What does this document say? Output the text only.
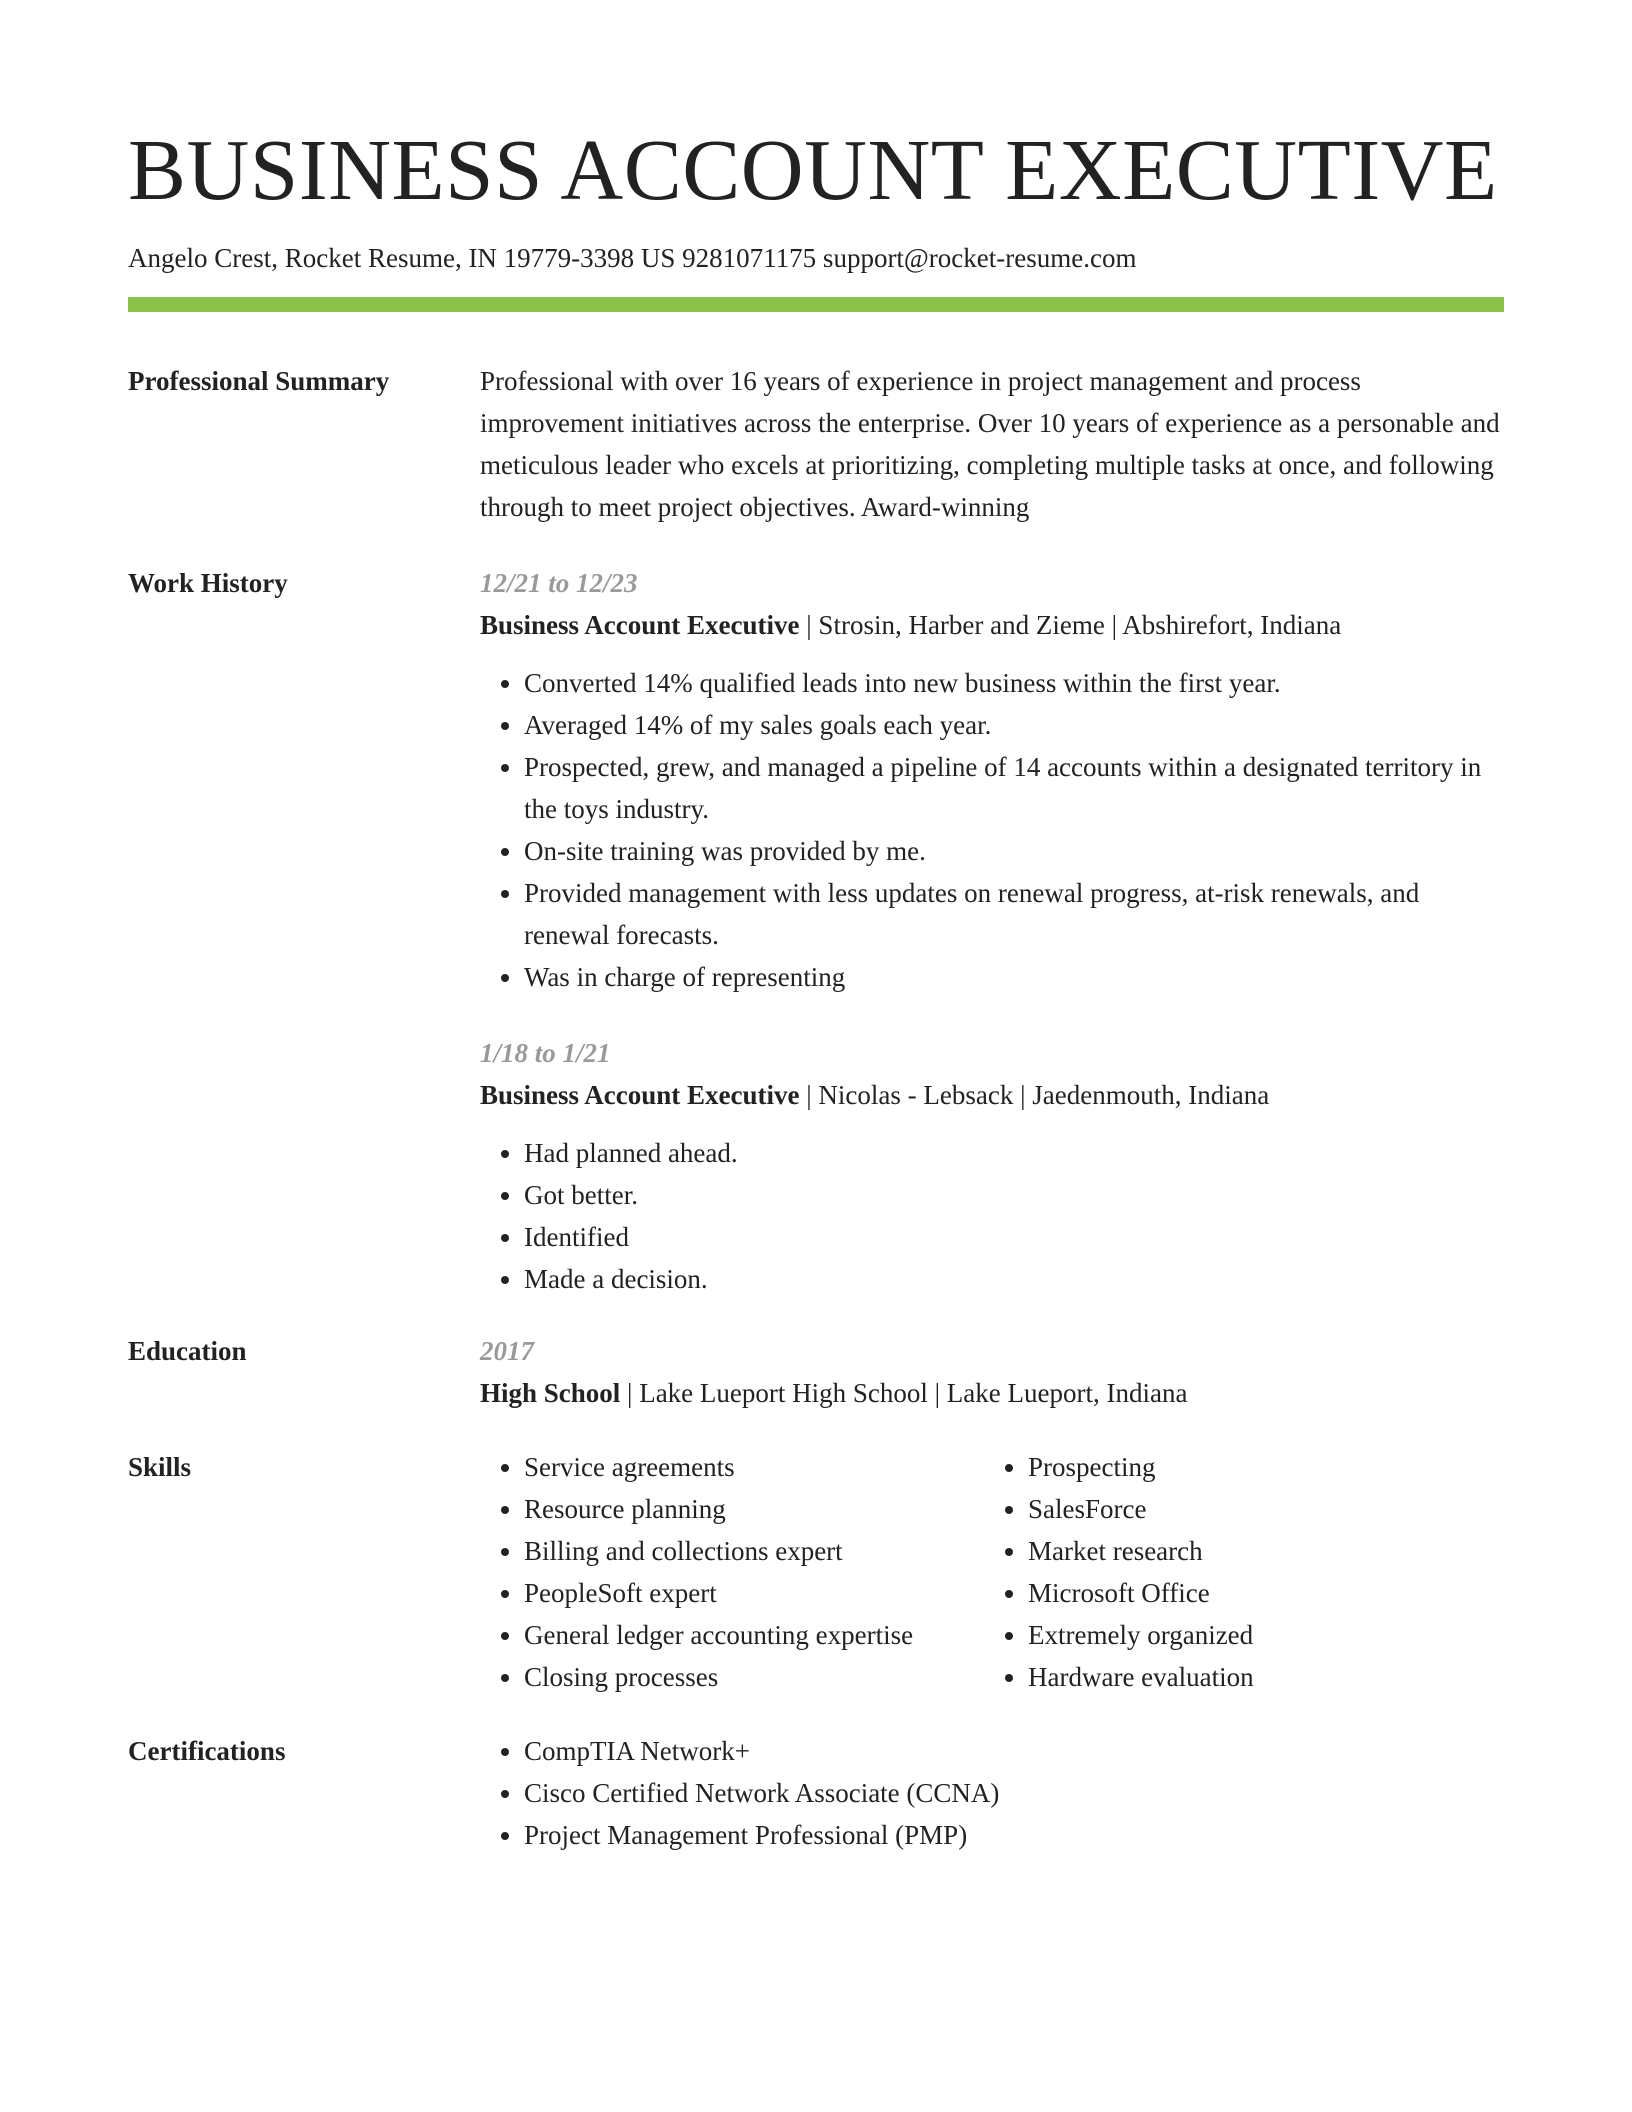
BUSINESS ACCOUNT EXECUTIVE
Angelo Crest, Rocket Resume, IN 19779-3398 US 9281071175 support@rocket-resume.com
Professional Summary	Professional with over 16 years of experience in project management and process improvement initiatives across the enterprise. Over 10 years of experience as a personable and meticulous leader who excels at prioritizing, completing multiple tasks at once, and following through to meet project objectives. Award-winning
Work History	12/21 to 12/23
Business Account Executive | Strosin, Harber and Zieme | Abshirefort, Indiana
• Converted 14% qualified leads into new business within the first year.
• Averaged 14% of my sales goals each year.
• Prospected, grew, and managed a pipeline of 14 accounts within a designated territory in the toys industry.
• On-site training was provided by me.
• Provided management with less updates on renewal progress, at-risk renewals, and renewal forecasts.
• Was in charge of representing
1/18 to 1/21
Business Account Executive | Nicolas - Lebsack | Jaedenmouth, Indiana
• Had planned ahead.
• Got better.
• Identified
• Made a decision.
Education	2017
High School | Lake Lueport High School | Lake Lueport, Indiana
Skills	• Service agreements
• Resource planning
• Billing and collections expert
• PeopleSoft expert
• General ledger accounting expertise
• Closing processes
• Prospecting
• SalesForce
• Market research
• Microsoft Office
• Extremely organized
• Hardware evaluation
Certifications	• CompTIA Network+
• Cisco Certified Network Associate (CCNA)
• Project Management Professional (PMP)
